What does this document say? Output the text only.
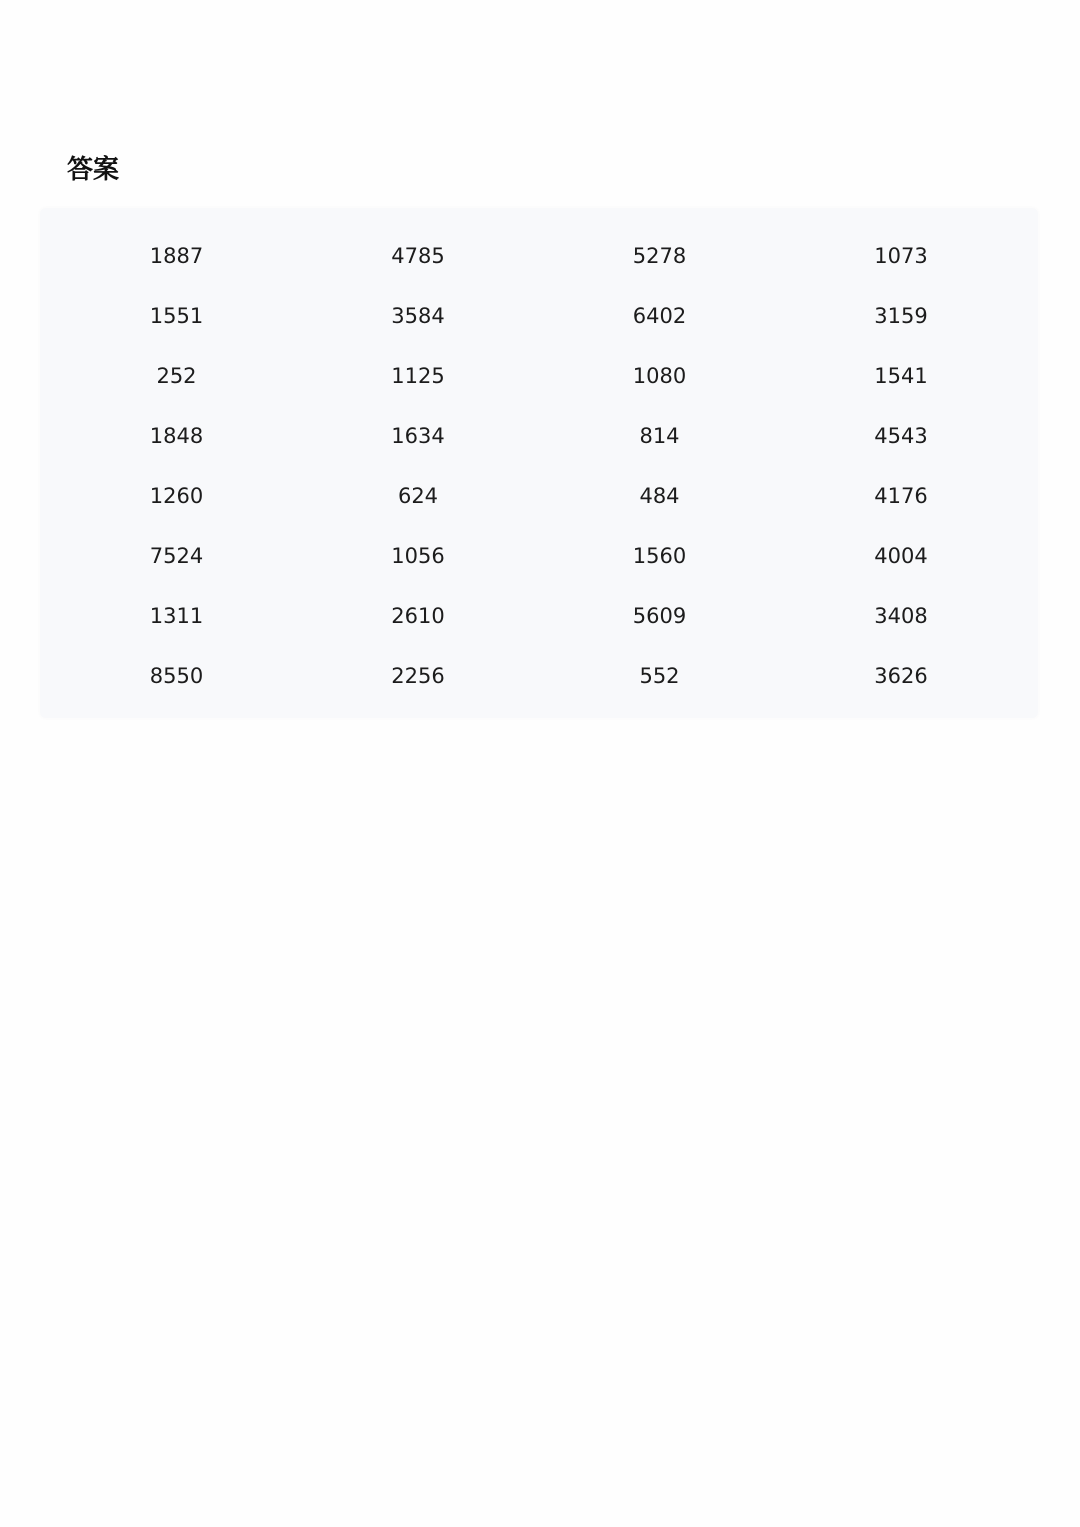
答案
1887	4785	5278	1073
1551	3584	6402	3159
252	1125	1080	1541
1848	1634	814	4543
1260	624	484	4176
7524	1056	1560	4004
1311	2610	5609	3408
8550	2256	552	3626
